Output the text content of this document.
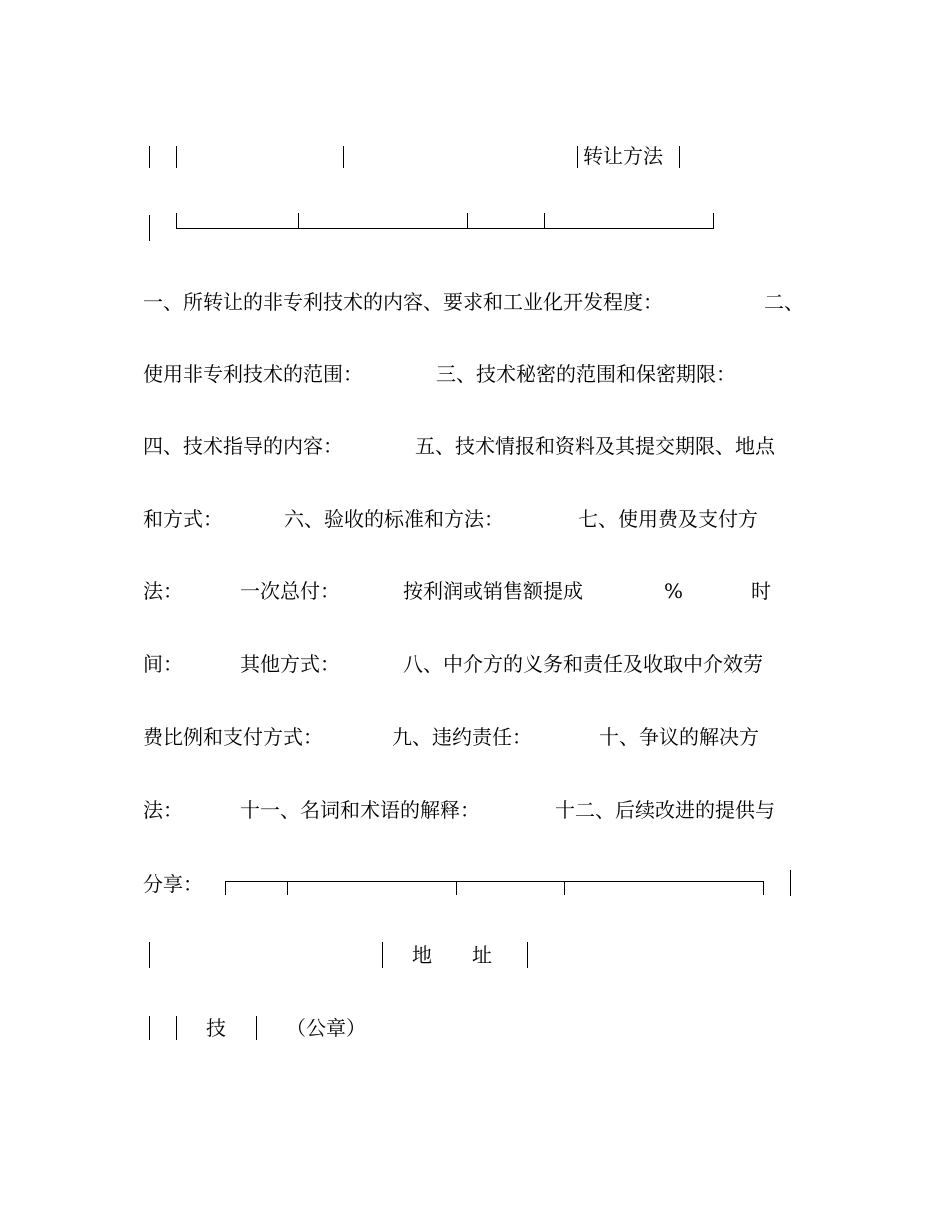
转让方法
一、所转让的非专利技术的内容、要求和工业化开发程度：	二、
使用非专利技术的范围：	三、技术秘密的范围和保密期限：
四、技术指导的内容：	五、技术情报和资料及其提交期限、地点
和方式：	六、验收的标准和方法：	七、使用费及支付方
法：	一次总付：	按利润或销售额提成	%	时
间：	其他方式：	八、中介方的义务和责任及收取中介效劳
费比例和支付方式：	九、违约责任：	十、争议的解决方
法：	十一、名词和术语的解释：	十二、后续改进的提供与
分享：
地　　址
技	（公章）
